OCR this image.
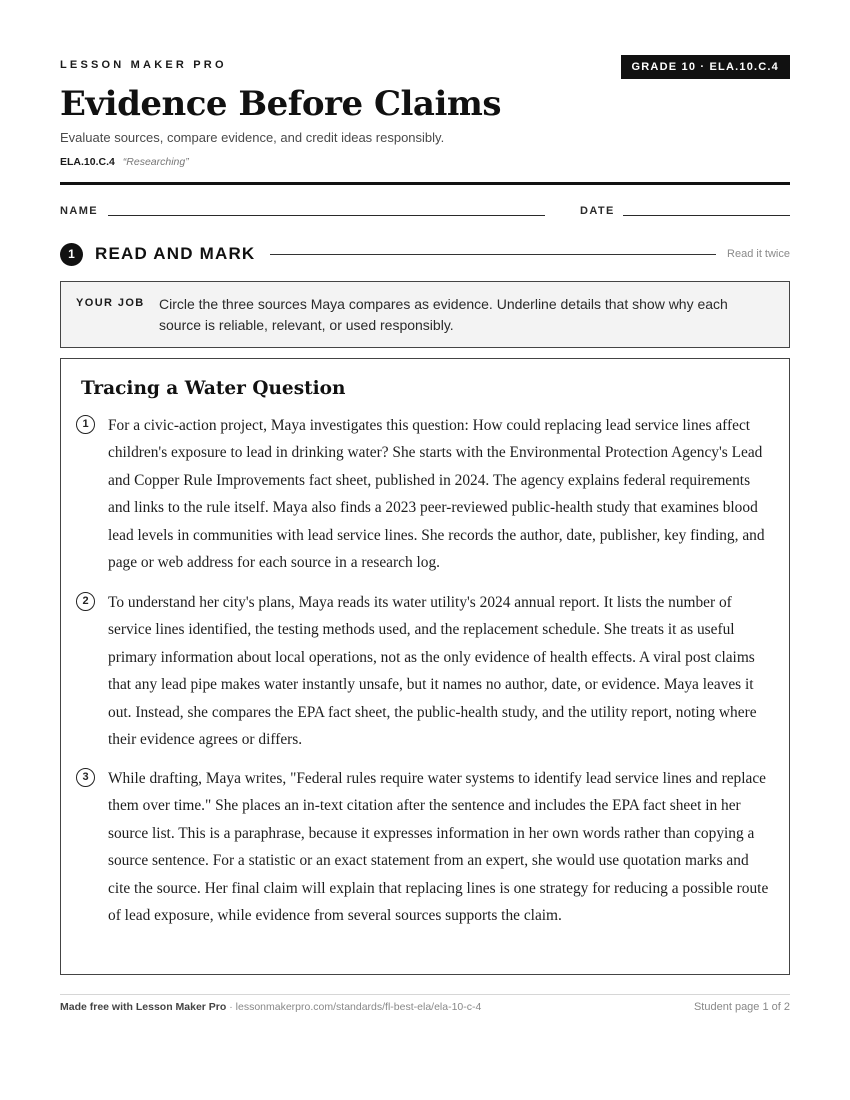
LESSON MAKER PRO	GRADE 10 · ELA.10.C.4
Evidence Before Claims
Evaluate sources, compare evidence, and credit ideas responsibly.
ELA.10.C.4 “Researching”
NAME	DATE
1	READ AND MARK	Read it twice
YOUR JOB Circle the three sources Maya compares as evidence. Underline details that show why each source is reliable, relevant, or used responsibly.
Tracing a Water Question
1	For a civic-action project, Maya investigates this question: How could replacing lead service lines affect children's exposure to lead in drinking water? She starts with the Environmental Protection Agency's Lead and Copper Rule Improvements fact sheet, published in 2024. The agency explains federal requirements and links to the rule itself. Maya also finds a 2023 peer-reviewed public-health study that examines blood lead levels in communities with lead service lines. She records the author, date, publisher, key finding, and page or web address for each source in a research log.
2	To understand her city's plans, Maya reads its water utility's 2024 annual report. It lists the number of service lines identified, the testing methods used, and the replacement schedule. She treats it as useful primary information about local operations, not as the only evidence of health effects. A viral post claims that any lead pipe makes water instantly unsafe, but it names no author, date, or evidence. Maya leaves it out. Instead, she compares the EPA fact sheet, the public-health study, and the utility report, noting where their evidence agrees or differs.
3	While drafting, Maya writes, "Federal rules require water systems to identify lead service lines and replace them over time." She places an in-text citation after the sentence and includes the EPA fact sheet in her source list. This is a paraphrase, because it expresses information in her own words rather than copying a source sentence. For a statistic or an exact statement from an expert, she would use quotation marks and cite the source. Her final claim will explain that replacing lines is one strategy for reducing a possible route of lead exposure, while evidence from several sources supports the claim.
Made free with Lesson Maker Pro · lessonmakerpro.com/standards/fl-best-ela/ela-10-c-4	Student page 1 of 2
